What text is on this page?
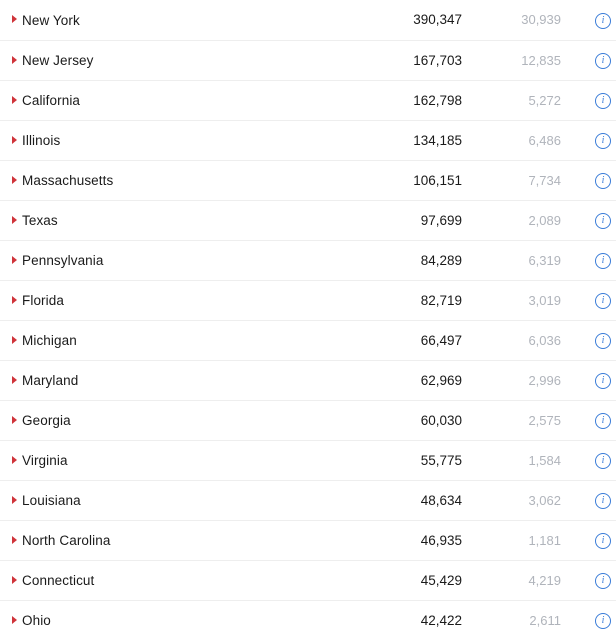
New York	390,347	30,939	i
New Jersey	167,703	12,835	i
California	162,798	5,272	i
Illinois	134,185	6,486	i
Massachusetts	106,151	7,734	i
Texas	97,699	2,089	i
Pennsylvania	84,289	6,319	i
Florida	82,719	3,019	i
Michigan	66,497	6,036	i
Maryland	62,969	2,996	i
Georgia	60,030	2,575	i
Virginia	55,775	1,584	i
Louisiana	48,634	3,062	i
North Carolina	46,935	1,181	i
Connecticut	45,429	4,219	i
Ohio	42,422	2,611	i
